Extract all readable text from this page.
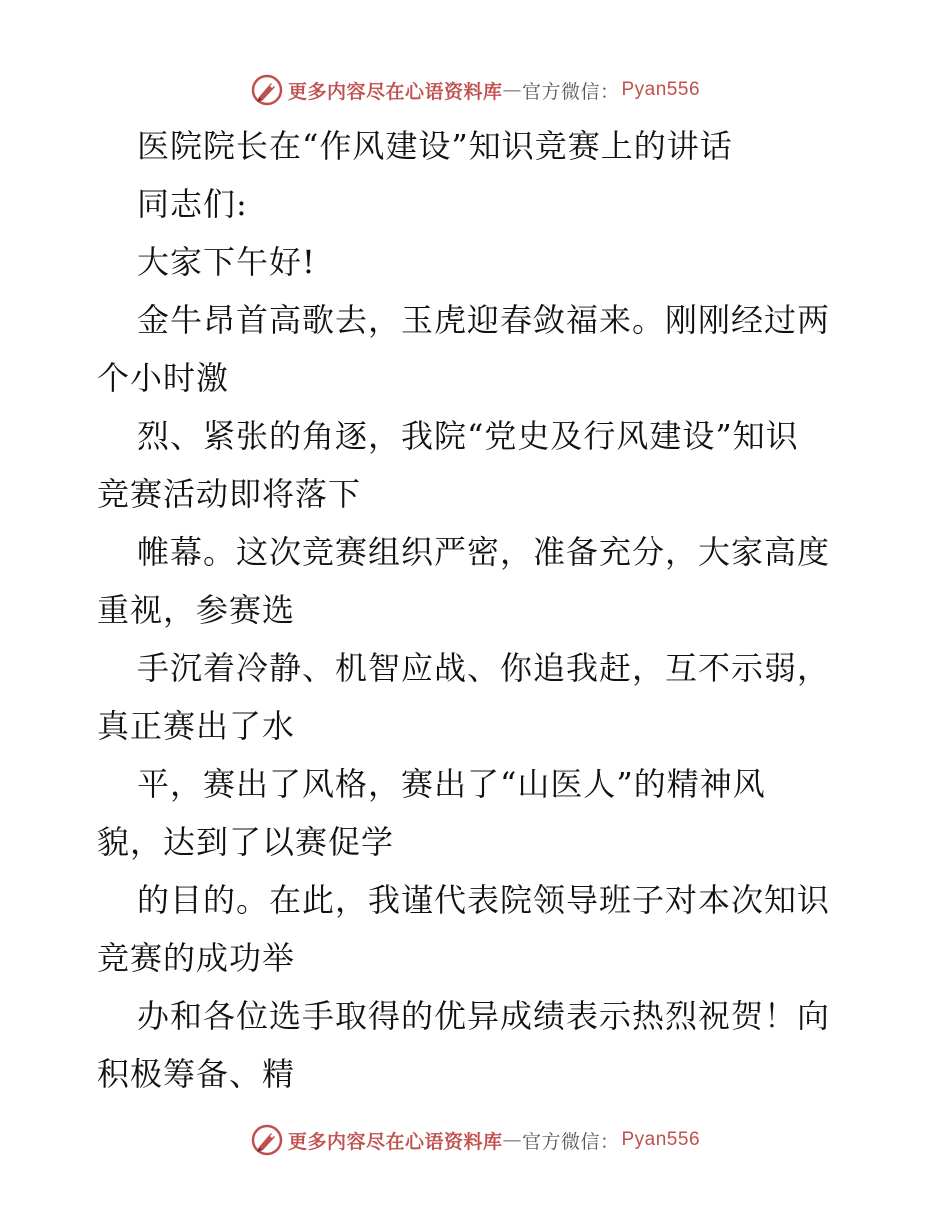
更多内容尽在心语资料库 — 官方微信： Pyan556
医院院长在“作风建设”知识竞赛上的讲话
同志们:
大家下午好!
金牛昂首高歌去，玉虎迎春敛福来。刚刚经过两
个小时激
烈、紧张的角逐，我院“党史及行风建设”知识
竞赛活动即将落下
帷幕。这次竞赛组织严密，准备充分，大家高度
重视，参赛选
手沉着冷静、机智应战、你追我赶，互不示弱，
真正赛出了水
平，赛出了风格，赛出了“山医人”的精神风
貌，达到了以赛促学
的目的。在此，我谨代表院领导班子对本次知识
竞赛的成功举
办和各位选手取得的优异成绩表示热烈祝贺！向
积极筹备、精
更多内容尽在心语资料库 — 官方微信： Pyan556
